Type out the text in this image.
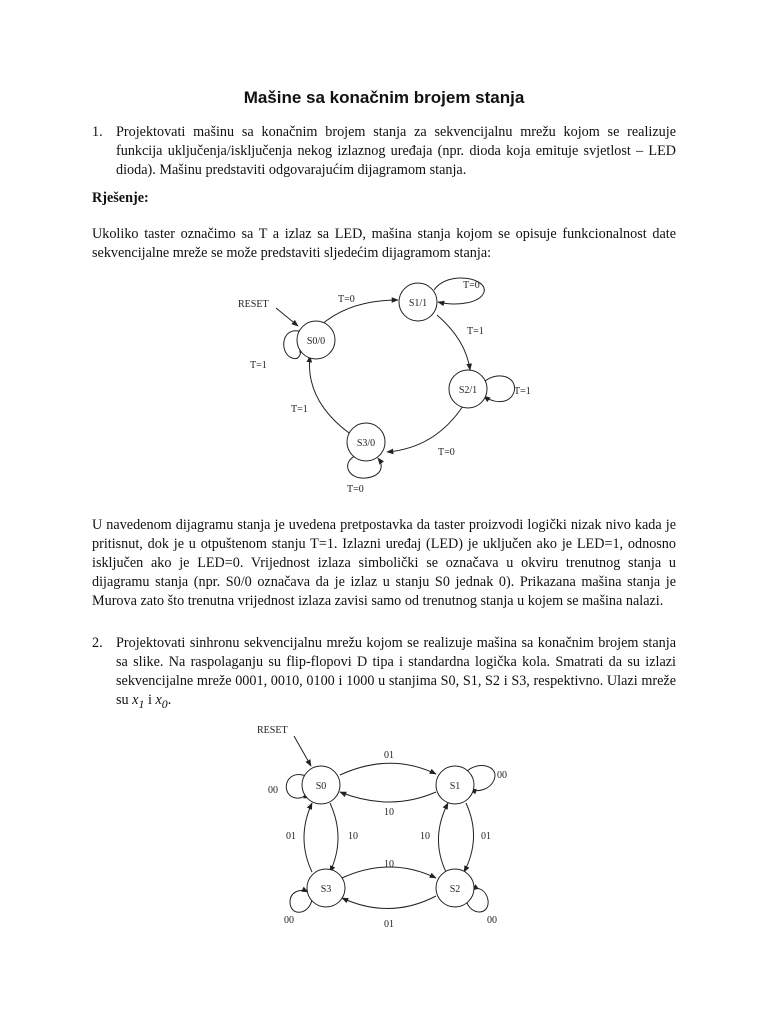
Mašine sa konačnim brojem stanja
1. Projektovati mašinu sa konačnim brojem stanja za sekvencijalnu mrežu kojom se realizuje funkcija uključenja/isključenja nekog izlaznog uređaja (npr. dioda koja emituje svjetlost – LED dioda). Mašinu predstaviti odgovarajućim dijagramom stanja.
Rješenje:

Ukoliko taster označimo sa T a izlaz sa LED, mašina stanja kojom se opisuje funkcionalnost date sekvencijalne mreže se može predstaviti sljedećim dijagramom stanja:

U navedenom dijagramu stanja je uvedena pretpostavka da taster proizvodi logički nizak nivo kada je pritisnut, dok je u otpuštenom stanju T=1. Izlazni uređaj (LED) je uključen ako je LED=1, odnosno isključen ako je LED=0. Vrijednost izlaza simbolički se označava u okviru trenutnog stanja u dijagramu stanja (npr. S0/0 označava da je izlaz u stanju S0 jednak 0). Prikazana mašina stanja je Murova zato što trenutna vrijednost izlaza zavisi samo od trenutnog stanja u kojem se mašina nalazi.

2. Projektovati sinhronu sekvencijalnu mrežu kojom se realizuje mašina sa konačnim brojem stanja sa slike. Na raspolaganju su flip-flopovi D tipa i standardna logička kola. Smatrati da su izlazi sekvencijalne mreže 0001, 0010, 0100 i 1000 u stanjima S0, S1, S2 i S3, respektivno. Ulazi mreže su $x_1$ i $x_0$.
RESET	T=0
T=1
T=0
T=1
T=0
T=1
T=0
T=1
S0/0
S1/1
S2/1
S3/0
RESET
01
10
01
10
01
10
01	10
00
00
00
00
S0	S1
S2
S3
